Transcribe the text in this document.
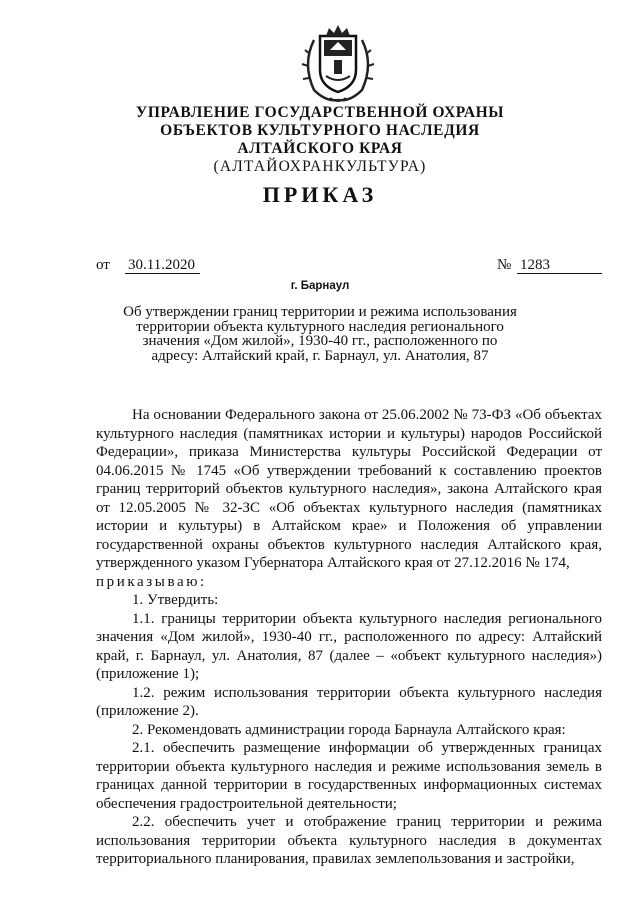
УПРАВЛЕНИЕ ГОСУДАРСТВЕННОЙ ОХРАНЫ
ОБЪЕКТОВ КУЛЬТУРНОГО НАСЛЕДИЯ
АЛТАЙСКОГО КРАЯ
(АЛТАЙОХРАНКУЛЬТУРА)
ПРИКАЗ
от 30.11.2020	№ 1283
г. Барнаул
Об утверждении границ территории и режима использования территории объекта культурного наследия регионального значения «Дом жилой», 1930-40 гг., расположенного по адресу: Алтайский край, г. Барнаул, ул. Анатолия, 87

На основании Федерального закона от 25.06.2002 № 73-ФЗ «Об объектах культурного наследия (памятниках истории и культуры) народов Российской Федерации», приказа Министерства культуры Российской Федерации от 04.06.2015 № 1745 «Об утверждении требований к составлению проектов границ территорий объектов культурного наследия», закона Алтайского края от 12.05.2005 № 32-ЗС «Об объектах культурного наследия (памятниках истории и культуры) в Алтайском крае» и Положения об управлении государственной охраны объектов культурного наследия Алтайского края, утвержденного указом Губернатора Алтайского края от 27.12.2016 № 174,

приказываю:

1. Утвердить:

1.1. границы территории объекта культурного наследия регионального значения «Дом жилой», 1930-40 гг., расположенного по адресу: Алтайский край, г. Барнаул, ул. Анатолия, 87 (далее – «объект культурного наследия») (приложение 1);

1.2. режим использования территории объекта культурного наследия (приложение 2).

2. Рекомендовать администрации города Барнаула Алтайского края:

2.1. обеспечить размещение информации об утвержденных границах территории объекта культурного наследия и режиме использования земель в границах данной территории в государственных информационных системах обеспечения градостроительной деятельности;

2.2. обеспечить учет и отображение границ территории и режима использования территории объекта культурного наследия в документах территориального планирования, правилах землепользования и застройки,
